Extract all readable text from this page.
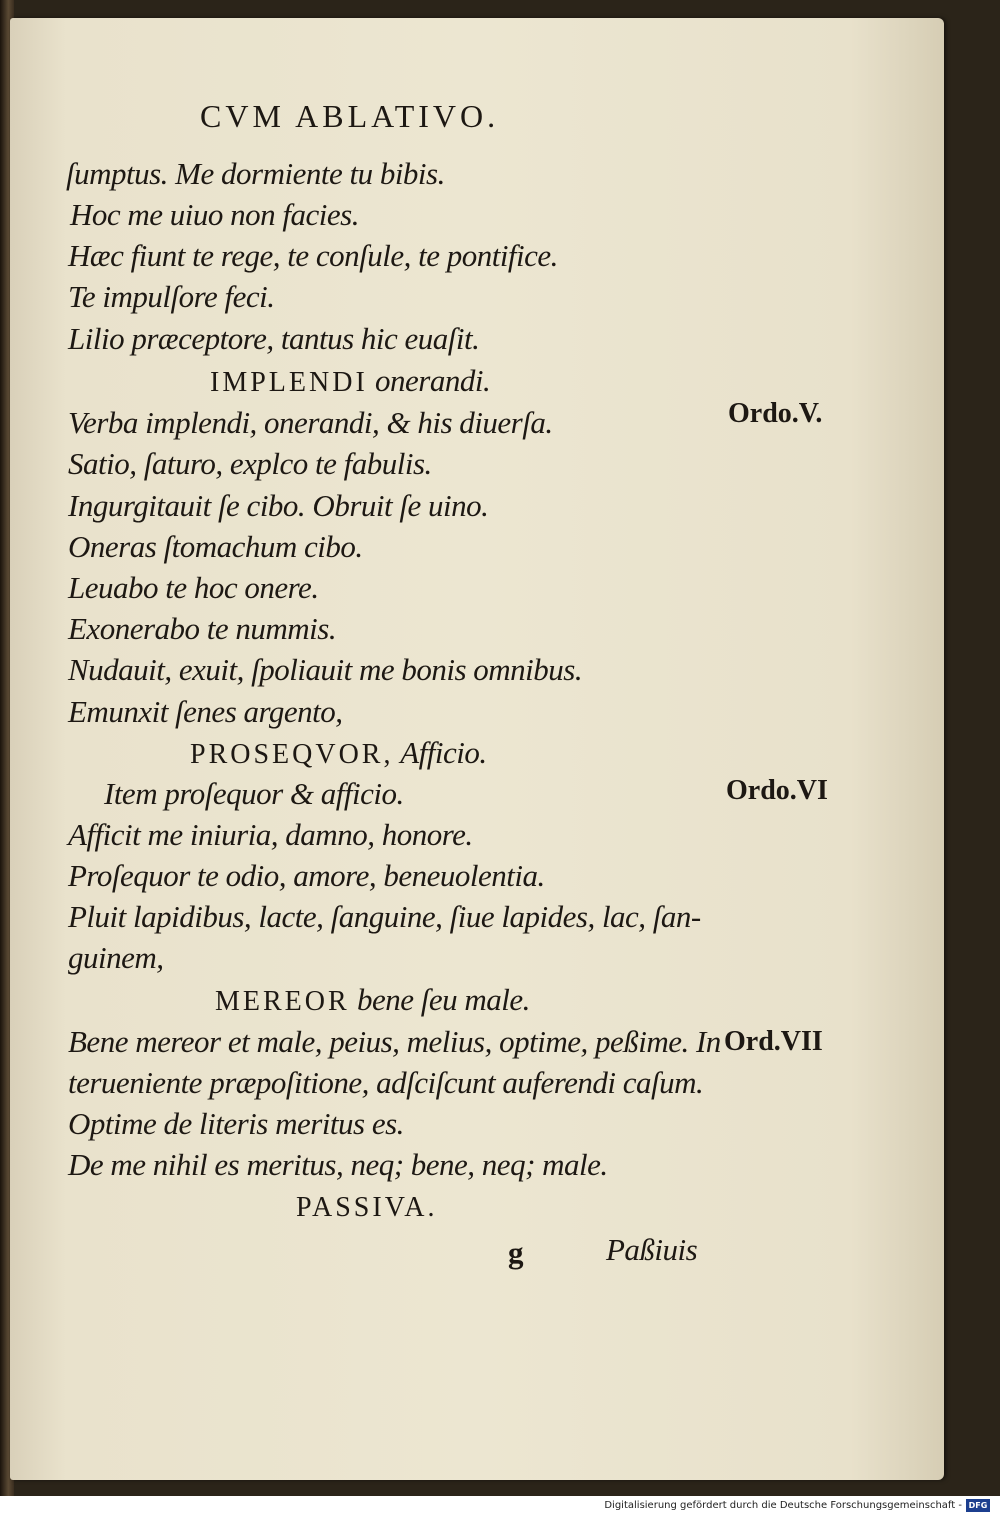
CVM ABLATIVO.
ſumptus. Me dormiente tu bibis.
Hoc me uiuo non facies.
Hæc fiunt te rege, te conſule, te pontifice.
Te impulſore feci.
Lilio præceptore, tantus hic euaſit.
IMPLENDI onerandi.
Ordo.V.
Verba implendi, onerandi, & his diuerſa.
Satio, ſaturo, explco te fabulis.
Ingurgitauit ſe cibo. Obruit ſe uino.
Oneras ſtomachum cibo.
Leuabo te hoc onere.
Exonerabo te nummis.
Nudauit, exuit, ſpoliauit me bonis omnibus.
Emunxit ſenes argento,
PROSEQVOR, Afficio.
Ordo.VI
Item proſequor & afficio.
Afficit me iniuria, damno, honore.
Proſequor te odio, amore, beneuolentia.
Pluit lapidibus, lacte, ſanguine, ſiue lapides, lac, ſan-
guinem,
MEREOR bene ſeu male.
Ord.VII
Bene mereor et male, peius, melius, optime, peßime. In
terueniente præpoſitione, adſciſcunt auferendi caſum.
Optime de literis meritus es.
De me nihil es meritus, neq; bene, neq; male.
PASSIVA.
g	Paßiuis
Digitalisierung gefördert durch die Deutsche Forschungsgemeinschaft - DFG
